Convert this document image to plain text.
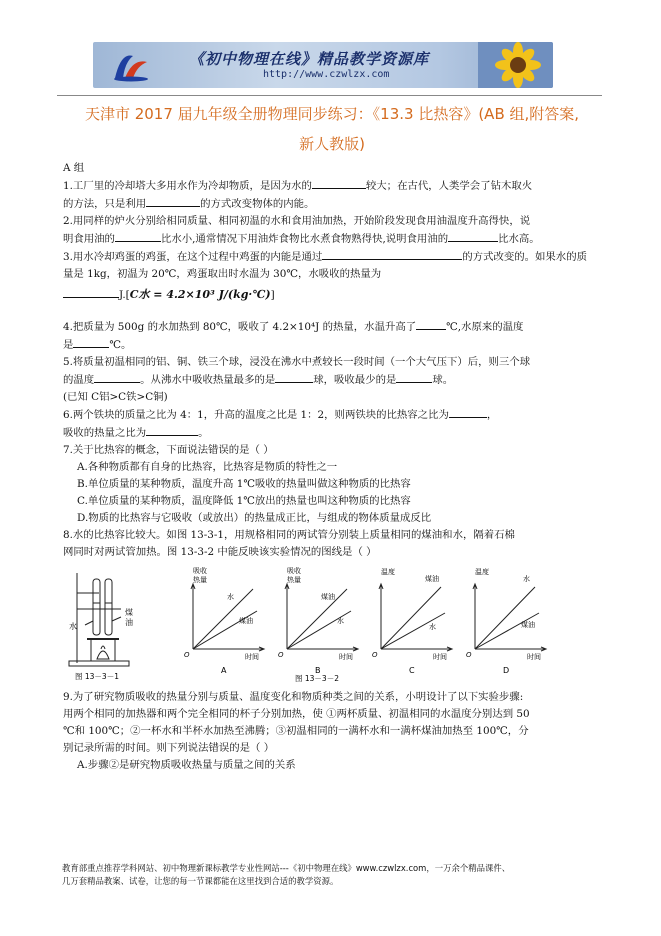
《初中物理在线》精品教学资源库
http://www.czwlzx.com
天津市 2017 届九年级全册物理同步练习：《13.3 比热容》(AB 组,附答案,
新人教版)

A 组

1.工厂里的冷却塔大多用水作为冷却物质，是因为水的	较大；在古代，人类学会了钻木取火

的方法，只是利用	的方式改变物体的内能。

2.用同样的炉火分别给相同质量、相同初温的水和食用油加热，开始阶段发现食用油温度升高得快，说

明食用油的	比水小,通常情况下用油炸食物比水煮食物熟得快,说明食用油的	比水高。

3.用水冷却鸡蛋的鸡蛋，在这个过程中鸡蛋的内能是通过	的方式改变的。如果水的质

量是 1kg，初温为 20℃，鸡蛋取出时水温为 30℃，水吸收的热量为

J.[C水 = 4.2×10³ J/(kg·℃)]

4.把质量为 500g 的水加热到 80℃，吸收了 4.2×10⁴J 的热量，水温升高了	℃,水原来的温度

是	℃。

5.将质量初温相同的铝、铜、铁三个球，浸没在沸水中煮较长一段时间（一个大气压下）后，则三个球

的温度	。从沸水中吸收热量最多的是	球，吸收最少的是	球。

(已知 C铝>C铁>C铜)

6.两个铁块的质量之比为 4：1，升高的温度之比是 1：2，则两铁块的比热容之比为	，

吸收的热量之比为	。

7.关于比热容的概念，下面说法错误的是（ ）

A.各种物质都有自身的比热容，比热容是物质的特性之一

B.单位质量的某种物质，温度升高 1℃吸收的热量叫做这种物质的比热容

C.单位质量的某种物质，温度降低 1℃放出的热量也叫这种物质的比热容

D.物质的比热容与它吸收（或放出）的热量成正比，与组成的物体质量成反比

8.水的比热容比较大。如图 13-3-1，用规格相同的两试管分别装上质量相同的煤油和水，隔着石棉

网同时对两试管加热。图 13-3-2 中能反映该实验情况的图线是（ ）

水
煤
油
图 13－3－1
吸收
热量
水
煤油
O	时间
A
吸收
热量
煤油
水
O	时间
B
温度
煤油
水
O	时间
C
温度
水
煤油
O	时间
D
图 13－3－2

9.为了研究物质吸收的热量分别与质量、温度变化和物质种类之间的关系，小明设计了以下实验步骤:

用两个相同的加热器和两个完全相同的杯子分别加热，使 ①两杯质量、初温相同的水温度分别达到 50

℃和 100℃；②一杯水和半杯水加热至沸腾；③初温相同的一满杯水和一满杯煤油加热至 100℃，分

别记录所需的时间。则下列说法错误的是（ ）

A.步骤②是研究物质吸收热量与质量之间的关系

教育部重点推荐学科网站、初中物理新课标教学专业性网站---《初中物理在线》www.czwlzx.com，一万余个精品课件、
几万套精品教案、试卷，让您的每一节课都能在这里找到合适的教学资源。
